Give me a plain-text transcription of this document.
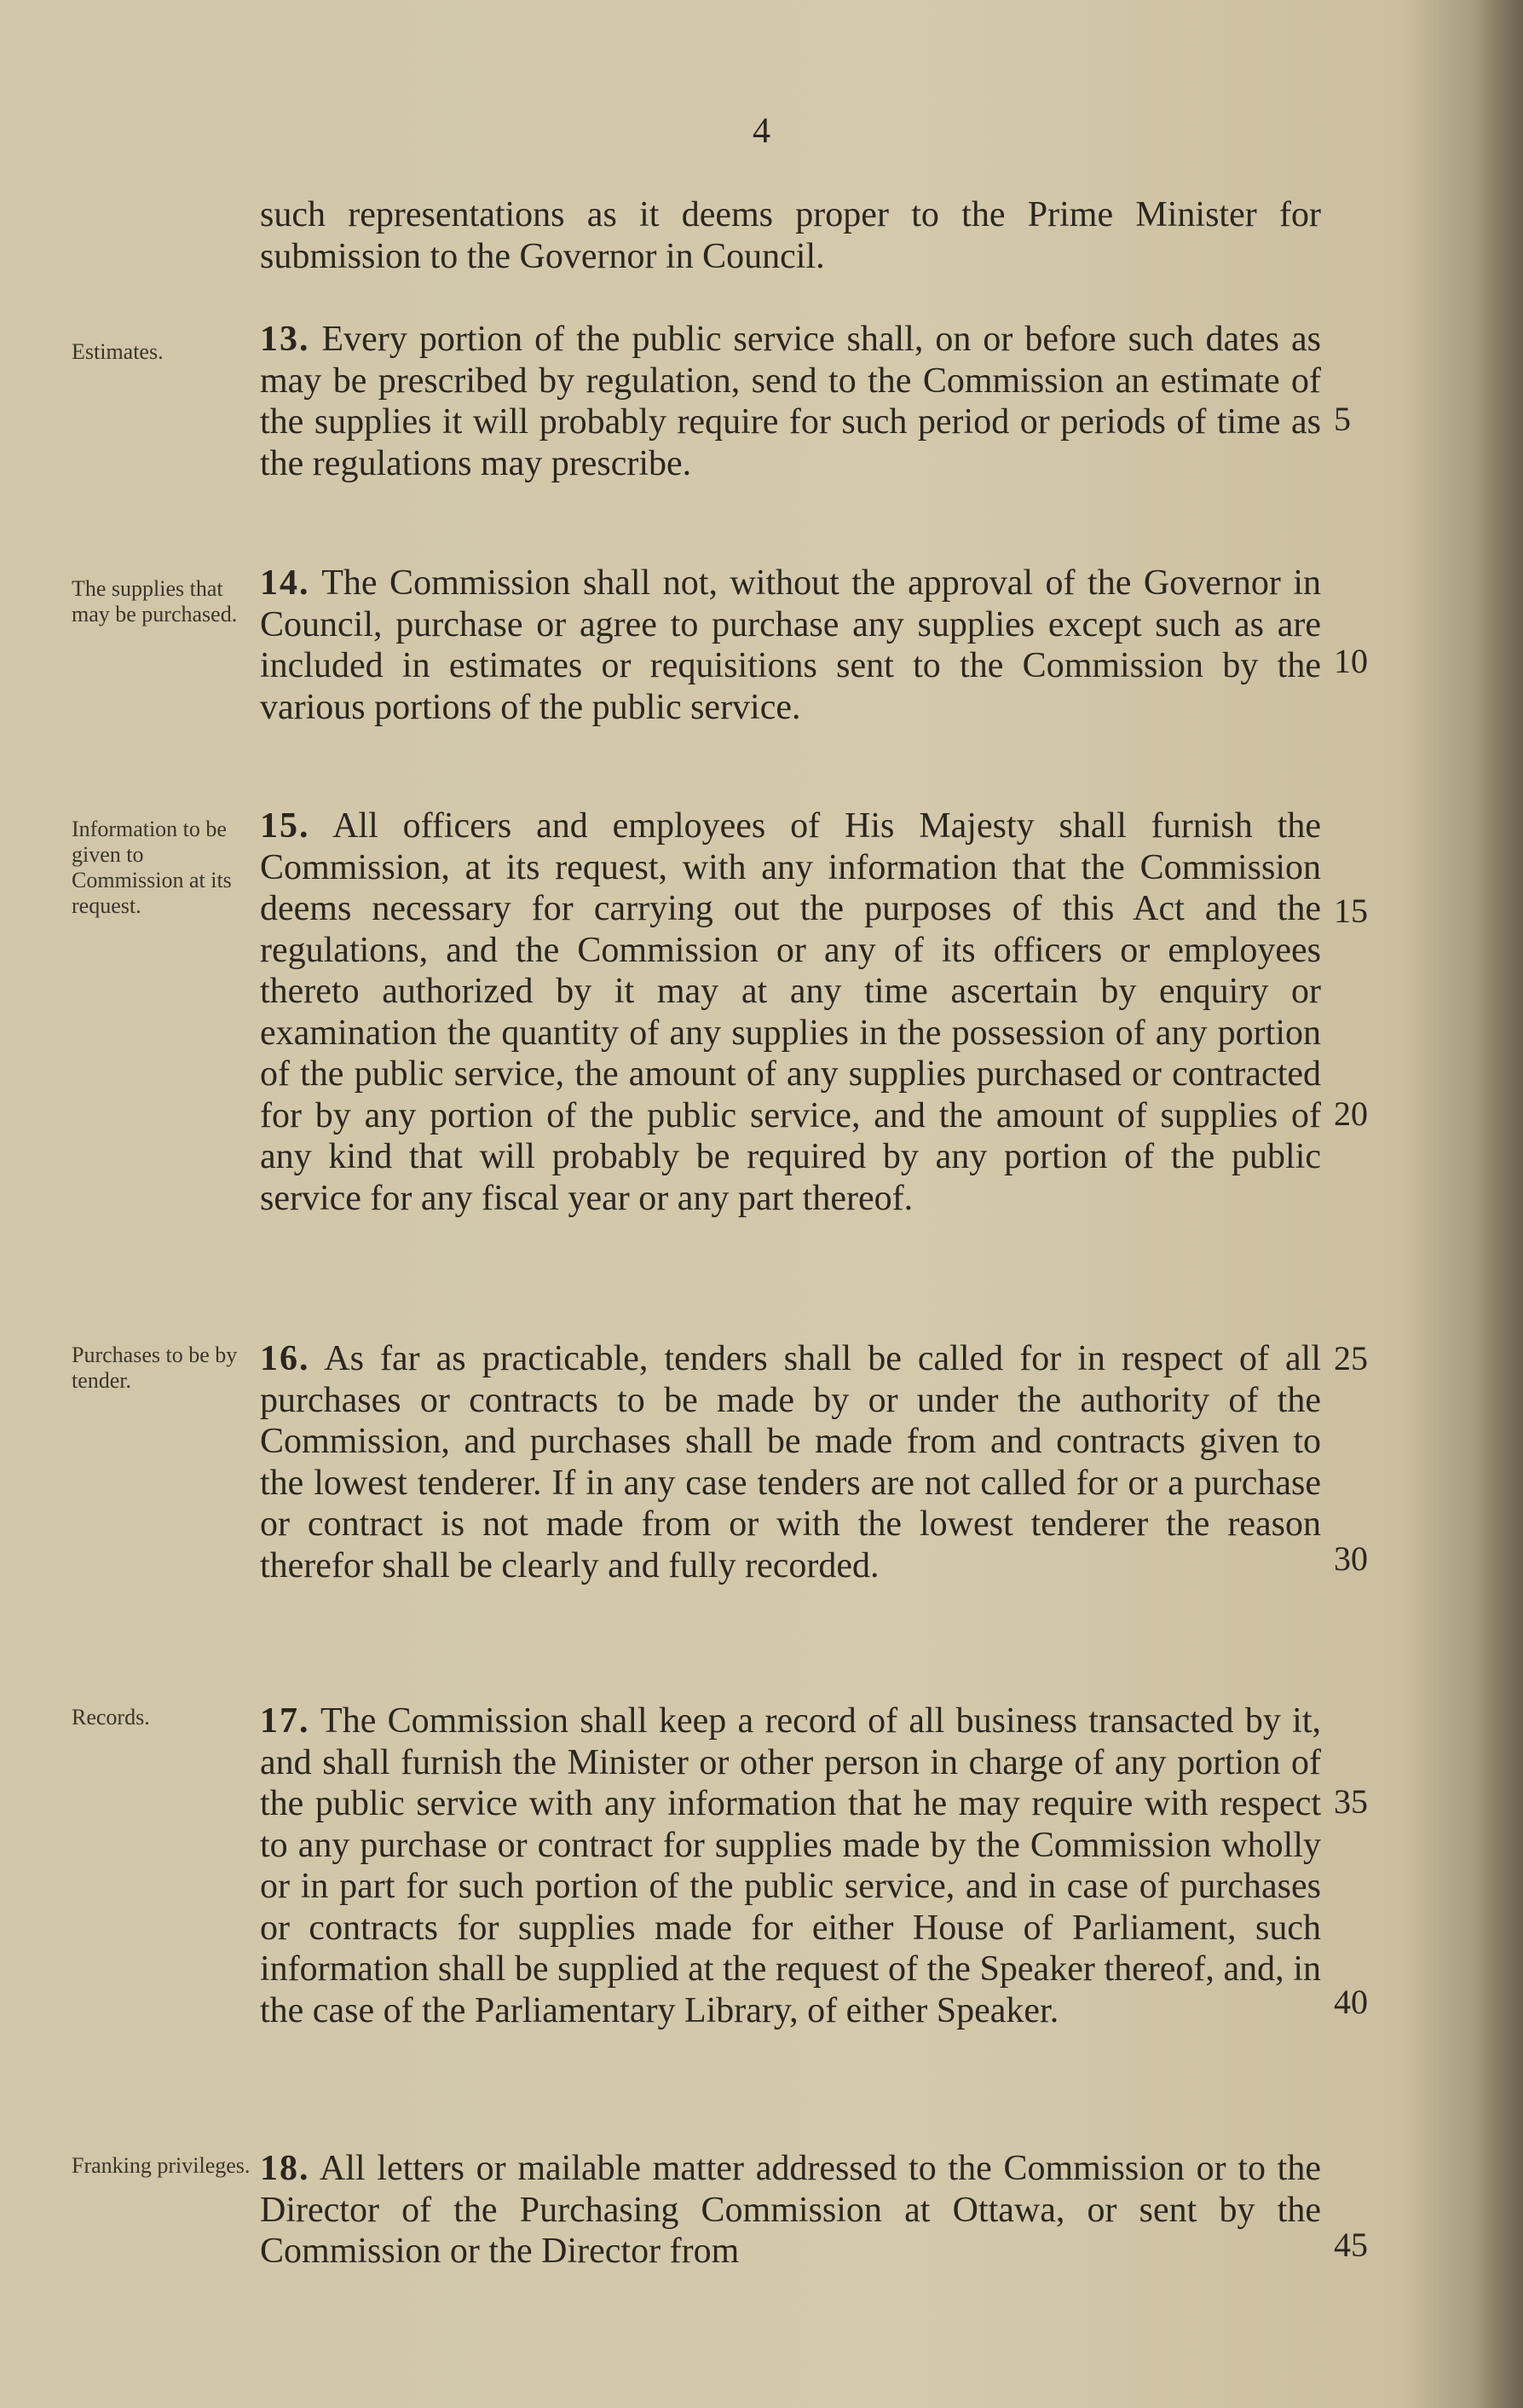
4

such representations as it deems proper to the Prime Minister for submission to the Governor in Council.

13. Every portion of the public service shall, on or before such dates as may be prescribed by regulation, send to the Commission an estimate of the supplies it will probably require for such period or periods of time as the regulations may prescribe.

14. The Commission shall not, without the approval of the Governor in Council, purchase or agree to purchase any supplies except such as are included in estimates or requisitions sent to the Commission by the various portions of the public service.

15. All officers and employees of His Majesty shall furnish the Commission, at its request, with any information that the Commission deems necessary for carrying out the purposes of this Act and the regulations, and the Commission or any of its officers or employees thereto authorized by it may at any time ascertain by enquiry or examination the quantity of any supplies in the possession of any portion of the public service, the amount of any supplies purchased or contracted for by any portion of the public service, and the amount of supplies of any kind that will probably be required by any portion of the public service for any fiscal year or any part thereof.

16. As far as practicable, tenders shall be called for in respect of all purchases or contracts to be made by or under the authority of the Commission, and purchases shall be made from and contracts given to the lowest tenderer. If in any case tenders are not called for or a purchase or contract is not made from or with the lowest tenderer the reason therefor shall be clearly and fully recorded.

17. The Commission shall keep a record of all business transacted by it, and shall furnish the Minister or other person in charge of any portion of the public service with any information that he may require with respect to any purchase or contract for supplies made by the Commission wholly or in part for such portion of the public service, and in case of purchases or contracts for supplies made for either House of Parliament, such information shall be supplied at the request of the Speaker thereof, and, in the case of the Parliamentary Library, of either Speaker.

18. All letters or mailable matter addressed to the Commission or to the Director of the Purchasing Commission at Ottawa, or sent by the Commission or the Director from

Estimates.
The supplies that may be purchased.
Information to be given to Commission at its request.
Purchases to be by tender.
Records.
Franking privileges.
5
10
15
20
25
30
35
40
45
